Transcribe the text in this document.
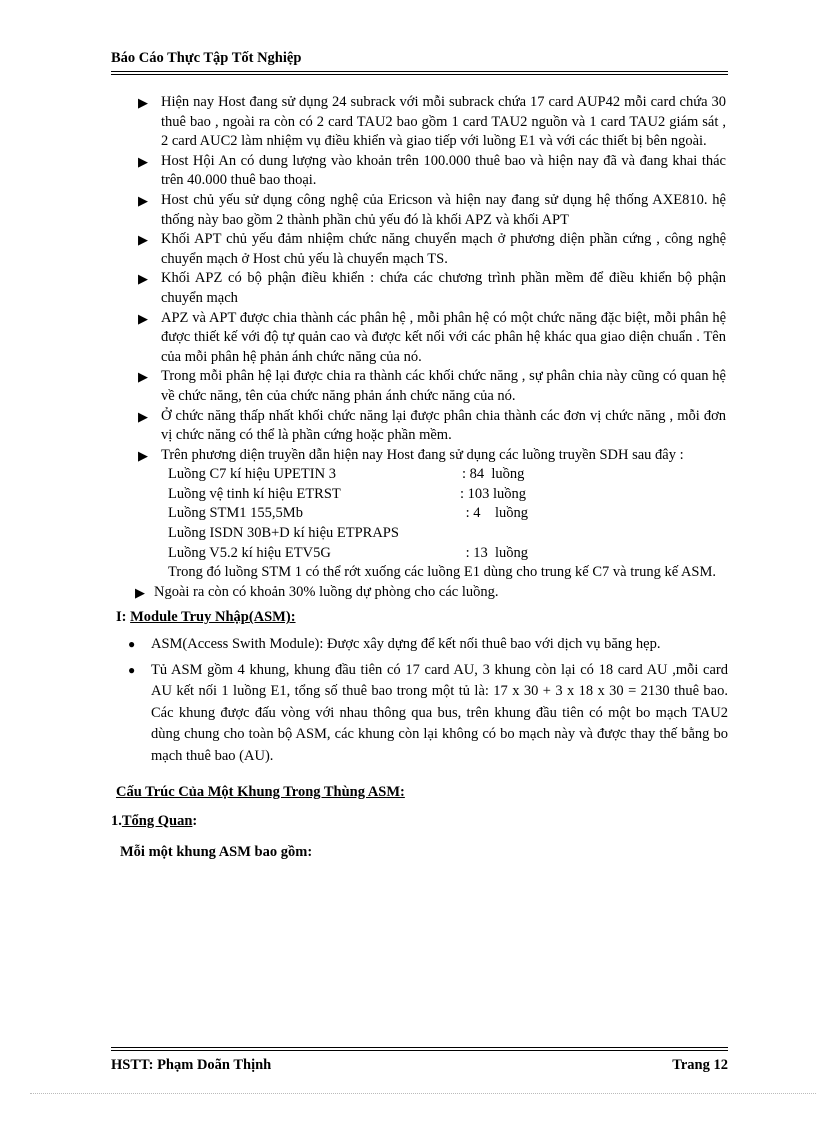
Báo Cáo Thực Tập Tốt Nghiệp
▶ Hiện nay Host đang sử dụng 24 subrack với mỗi subrack chứa 17 card AUP42 mỗi card chứa 30 thuê bao , ngoài ra còn có 2 card TAU2 bao gồm 1 card TAU2 nguồn và 1 card TAU2 giám sát , 2 card AUC2 làm nhiệm vụ điều khiển và giao tiếp với luồng E1 và với các thiết bị bên ngoài.
▶ Host Hội An có dung lượng vào khoản trên 100.000 thuê bao và hiện nay đã và đang khai thác trên 40.000 thuê bao thoại.
▶ Host chủ yếu sử dụng công nghệ của Ericson và hiện nay đang sử dụng hệ thống AXE810. hệ thống này bao gồm 2 thành phần chủ yếu đó là khối APZ và khối APT
▶ Khối APT chủ yếu đảm nhiệm chức năng chuyển mạch ở phương diện phần cứng , công nghệ chuyển mạch ở Host chủ yếu là chuyển mạch TS.
▶ Khối APZ có bộ phận điều khiển : chứa các chương trình phần mềm để điều khiển bộ phận chuyển mạch
▶ APZ và APT được chia thành các phân hệ , mỗi phân hệ có một chức năng đặc biệt, mỗi phân hệ được thiết kế với độ tự quản cao và được kết nối với các phân hệ khác qua giao diện chuẩn . Tên của mỗi phân hệ phản ánh chức năng của nó.
▶ Trong mỗi phân hệ lại được chia ra thành các khối chức năng , sự phân chia này cũng có quan hệ về chức năng, tên của chức năng phản ánh chức năng của nó.
▶ Ở chức năng thấp nhất khối chức năng lại được phân chia thành các đơn vị chức năng , mỗi đơn vị chức năng có thể là phần cứng hoặc phần mềm.
▶ Trên phương diện truyền dẫn hiện nay Host đang sử dụng các luồng truyền SDH sau đây :
Luồng C7 kí hiệu UPETIN 3	: 84  luồng
Luồng vệ tinh kí hiệu ETRST	: 103 luồng
Luồng STM1 155,5Mb	: 4    luồng
Luồng ISDN 30B+D kí hiệu ETPRAPS
Luồng V5.2 kí hiệu ETV5G	: 13  luồng
Trong đó luồng STM 1 có thể rớt xuống các luồng E1 dùng cho trung kế C7 và trung kế ASM.
▶ Ngoài ra còn có khoản 30% luồng dự phòng cho các luồng.
I: Module Truy Nhập(ASM):
● ASM(Access Swith Module): Được xây dựng để kết nối thuê bao với dịch vụ băng hẹp.
● Tủ ASM gồm 4 khung, khung đầu tiên có 17 card AU, 3 khung còn lại có 18 card AU ,mỗi card AU kết nối 1 luồng E1, tổng số thuê bao trong một tủ là: 17 x 30 + 3 x 18 x 30 = 2130 thuê bao. Các khung được đấu vòng với nhau thông qua bus, trên khung đầu tiên có một bo mạch TAU2 dùng chung cho toàn bộ ASM, các khung còn lại không có bo mạch này và được thay thế bằng bo mạch thuê bao (AU).
Cấu Trúc Của Một Khung Trong Thùng ASM:
1.Tổng Quan:
Mỗi một khung ASM bao gồm:
HSTT: Phạm Doãn Thịnh	Trang 12
